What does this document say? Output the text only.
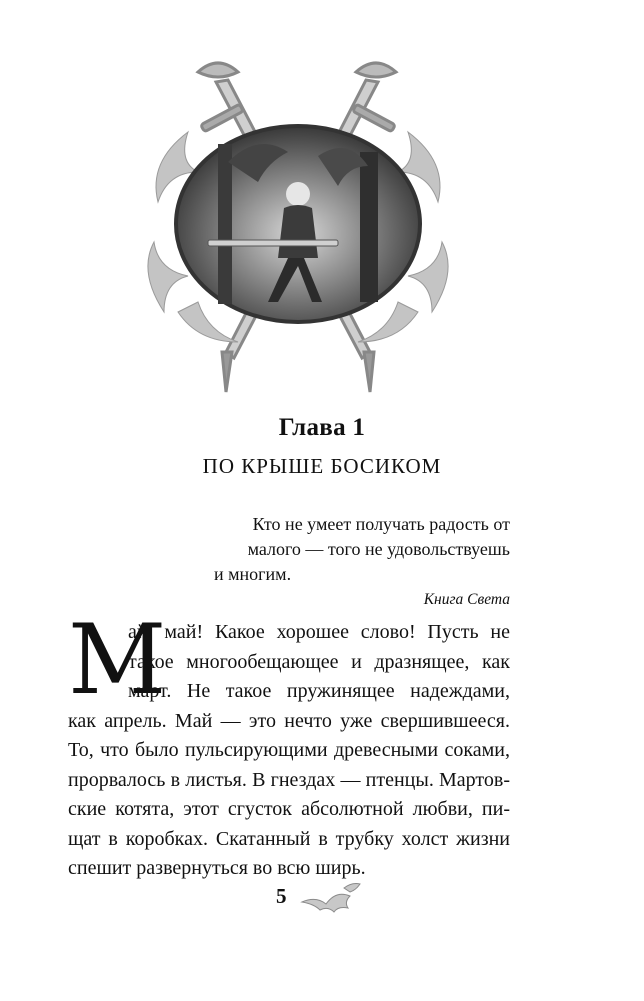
Глава 1
ПО КРЫШЕ БОСИКОМ
Кто не умеет получать радость от
малого — того не удовольствуешь
и многим.
Книга Света
М
ай, май! Какое хорошее слово! Пусть не
такое многообещающее и дразнящее, как
март. Не такое пружинящее надеждами,
как апрель. Май — это нечто уже свершившееся.
То, что было пульсирующими древесными соками,
прорвалось в листья. В гнездах — птенцы. Мартов-
ские котята, этот сгусток абсолютной любви, пи-
щат в коробках. Скатанный в трубку холст жизни
спешит развернуться во всю ширь.
5
